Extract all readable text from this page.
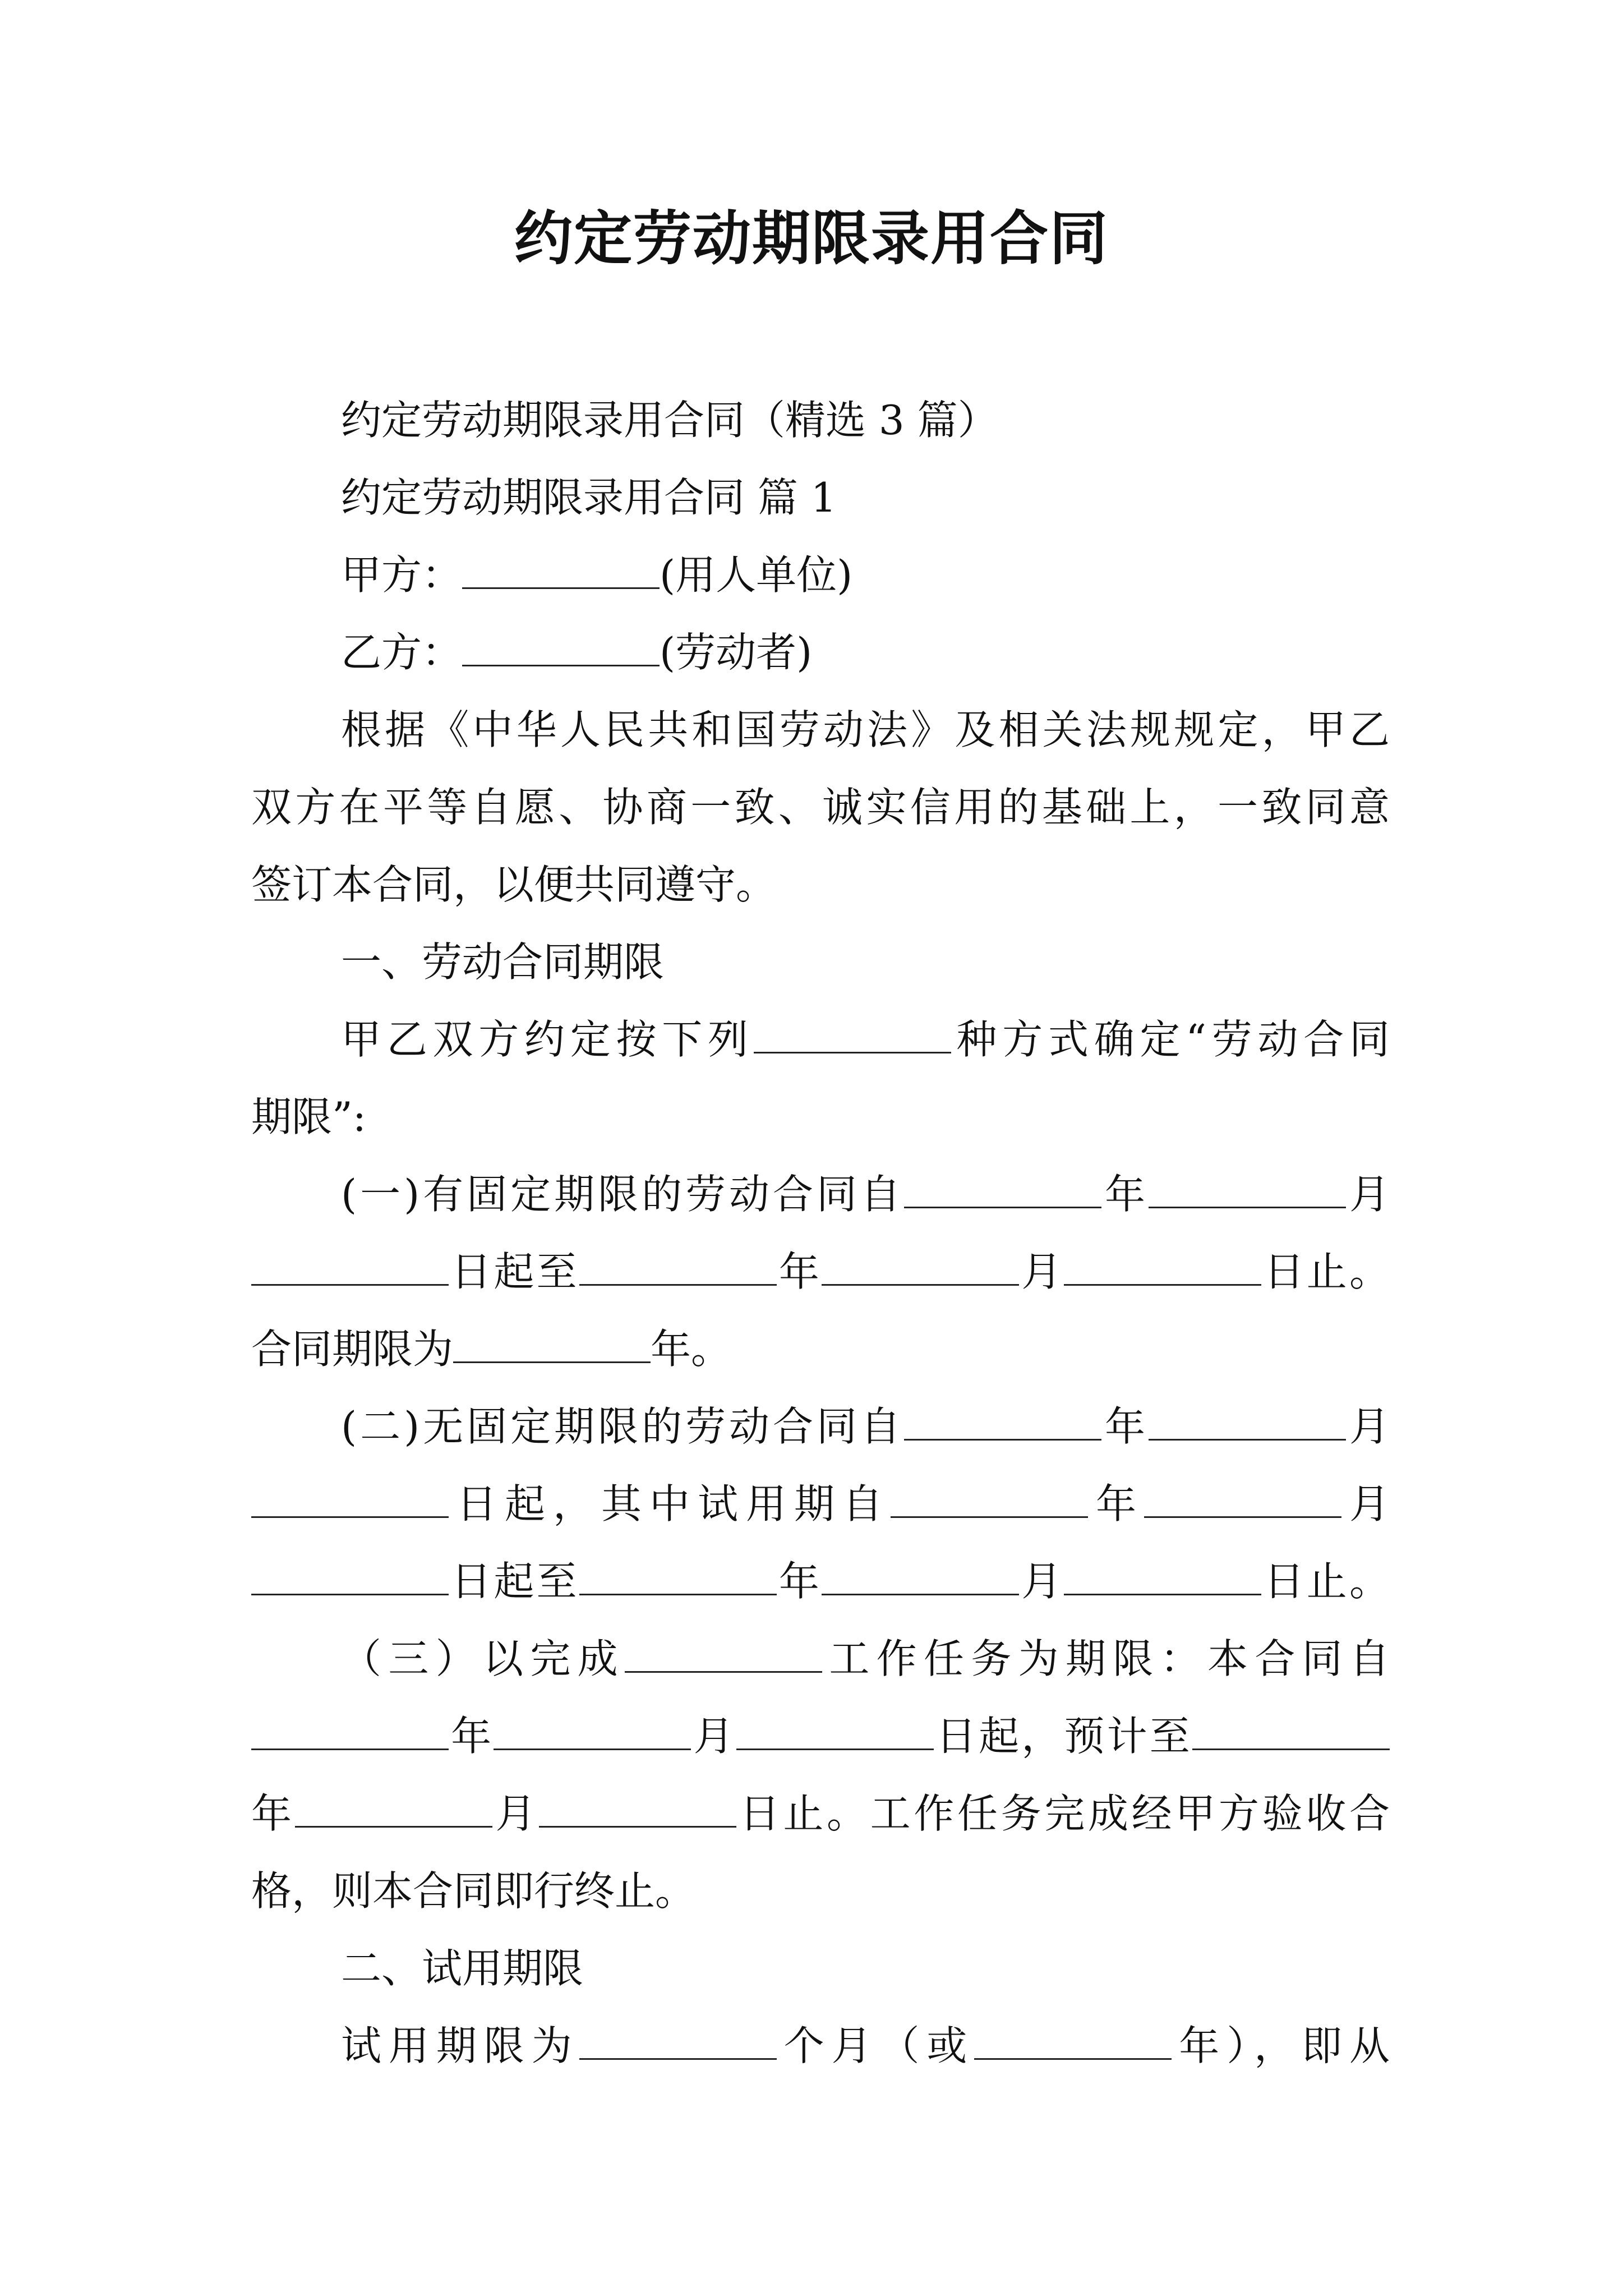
约定劳动期限录用合同
约定劳动期限录用合同（精选 3 篇）
约定劳动期限录用合同 篇 1
甲方：	(用人单位)
乙方：	(劳动者)
根据《中华人民共和国劳动法》及相关法规规定，甲乙
双方在平等自愿、协商一致、诚实信用的基础上，一致同意
签订本合同，以便共同遵守。
一、劳动合同期限
甲乙双方约定按下列	种方式确定“劳动合同
期限”:
(一)有固定期限的劳动合同自	年	月
日起至	年	月	日止。
合同期限为	年。
(二)无固定期限的劳动合同自	年	月
日起，其中试用期自	年	月
日起至	年	月	日止。
（三）以完成	工作任务为期限：本合同自
年	月	日起，预计至
年	月	日止。工作任务完成经甲方验收合
格，则本合同即行终止。
二、试用期限
试用期限为	个月（或	年），即从
